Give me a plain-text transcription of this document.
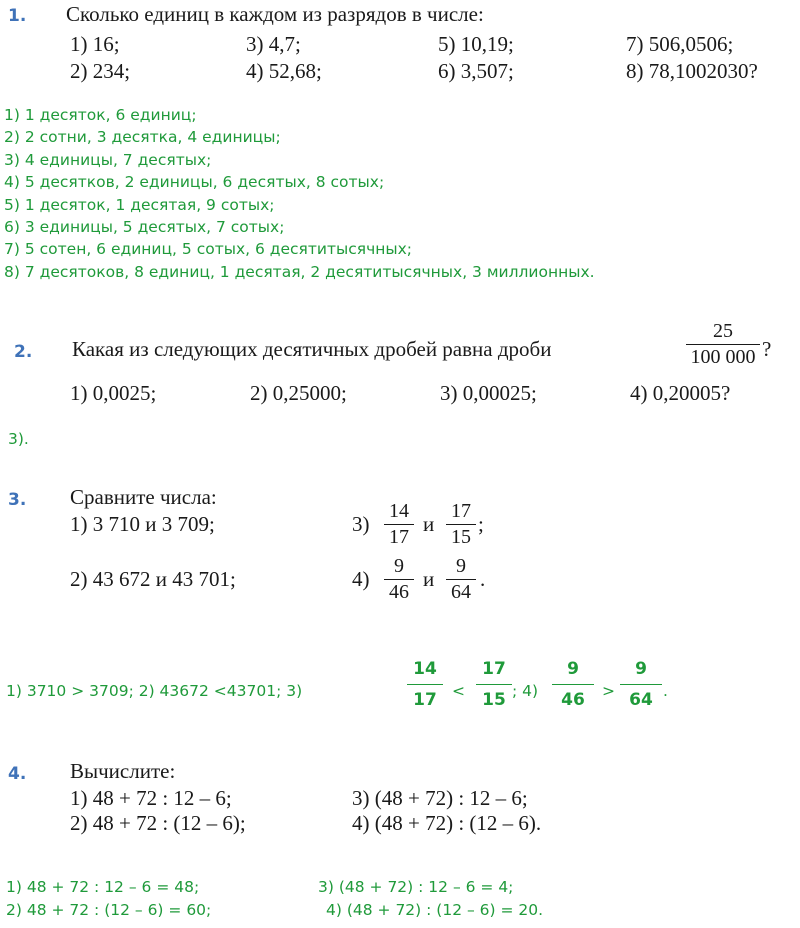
1. Сколько единиц в каждом из разрядов в числе:
1) 16;
2) 234;
3) 4,7;
4) 52,68;
5) 10,19;
6) 3,507;
7) 506,0506;
8) 78,1002030?
1) 1 десяток, 6 единиц;
2) 2 сотни, 3 десятка, 4 единицы;
3) 4 единицы, 7 десятых;
4) 5 десятков, 2 единицы, 6 десятых, 8 сотых;
5) 1 десяток, 1 десятая, 9 сотых;
6) 3 единицы, 5 десятых, 7 сотых;
7) 5 сотен, 6 единиц, 5 сотых, 6 десятитысячных;
8) 7 десятоков, 8 единиц, 1 десятая, 2 десятитысячных, 3 миллионных.
2. Какая из следующих десятичных дробей равна дроби
25
100 000 ?
1) 0,0025;	2) 0,25000;	3) 0,00025;	4) 0,20005?
3).
3. Сравните числа:
1) 3 710 и 3 709;
2) 43 672 и 43 701;
3)
14
17
и
17
15
;
4)
9
46
и
9
64
.
1) 3710 > 3709; 2) 43672 <43701; 3)
14
17 <
17
15 ; 4)
9
46	>
9
64 .
4. Вычислите:
1) 48 + 72 : 12 – 6;
2) 48 + 72 : (12 – 6);
3) (48 + 72) : 12 – 6;
4) (48 + 72) : (12 – 6).
1) 48 + 72 : 12 – 6 = 48;
2) 48 + 72 : (12 – 6) = 60;
3) (48 + 72) : 12 – 6 = 4;
4) (48 + 72) : (12 – 6) = 20.
